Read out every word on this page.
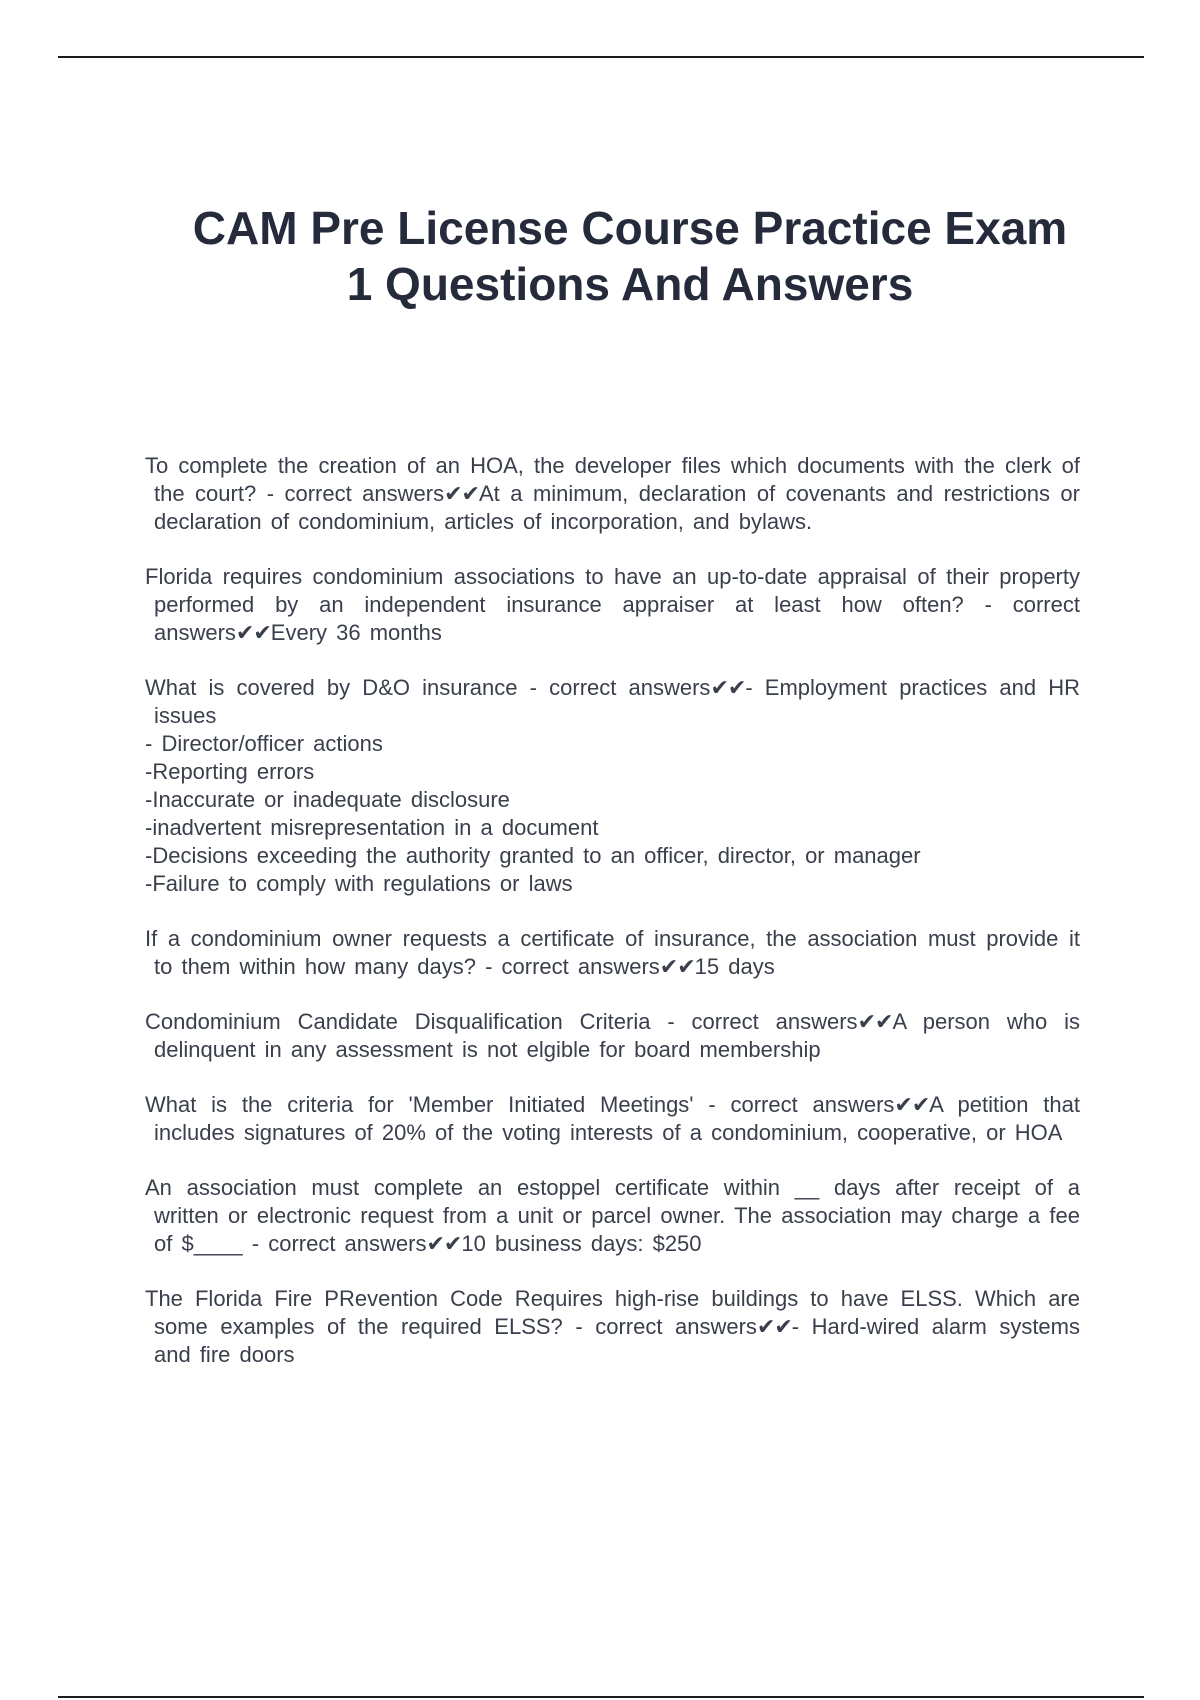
CAM Pre License Course Practice Exam
1 Questions And Answers

To complete the creation of an HOA, the developer files which documents with the clerk of the court? - correct answers✔✔At a minimum, declaration of covenants and restrictions or declaration of condominium, articles of incorporation, and bylaws.

Florida requires condominium associations to have an up-to-date appraisal of their property performed by an independent insurance appraiser at least how often? - correct answers✔✔Every 36 months

What is covered by D&O insurance - correct answers✔✔- Employment practices and HR issues
- Director/officer actions
-Reporting errors
-Inaccurate or inadequate disclosure
-inadvertent misrepresentation in a document
-Decisions exceeding the authority granted to an officer, director, or manager
-Failure to comply with regulations or laws

If a condominium owner requests a certificate of insurance, the association must provide it to them within how many days? - correct answers✔✔15 days

Condominium Candidate Disqualification Criteria - correct answers✔✔A person who is delinquent in any assessment is not elgible for board membership

What is the criteria for 'Member Initiated Meetings' - correct answers✔✔A petition that includes signatures of 20% of the voting interests of a condominium, cooperative, or HOA

An association must complete an estoppel certificate within __ days after receipt of a written or electronic request from a unit or parcel owner. The association may charge a fee of $____ - correct answers✔✔10 business days: $250

The Florida Fire PRevention Code Requires high-rise buildings to have ELSS. Which are some examples of the required ELSS? - correct answers✔✔- Hard-wired alarm systems and fire doors
